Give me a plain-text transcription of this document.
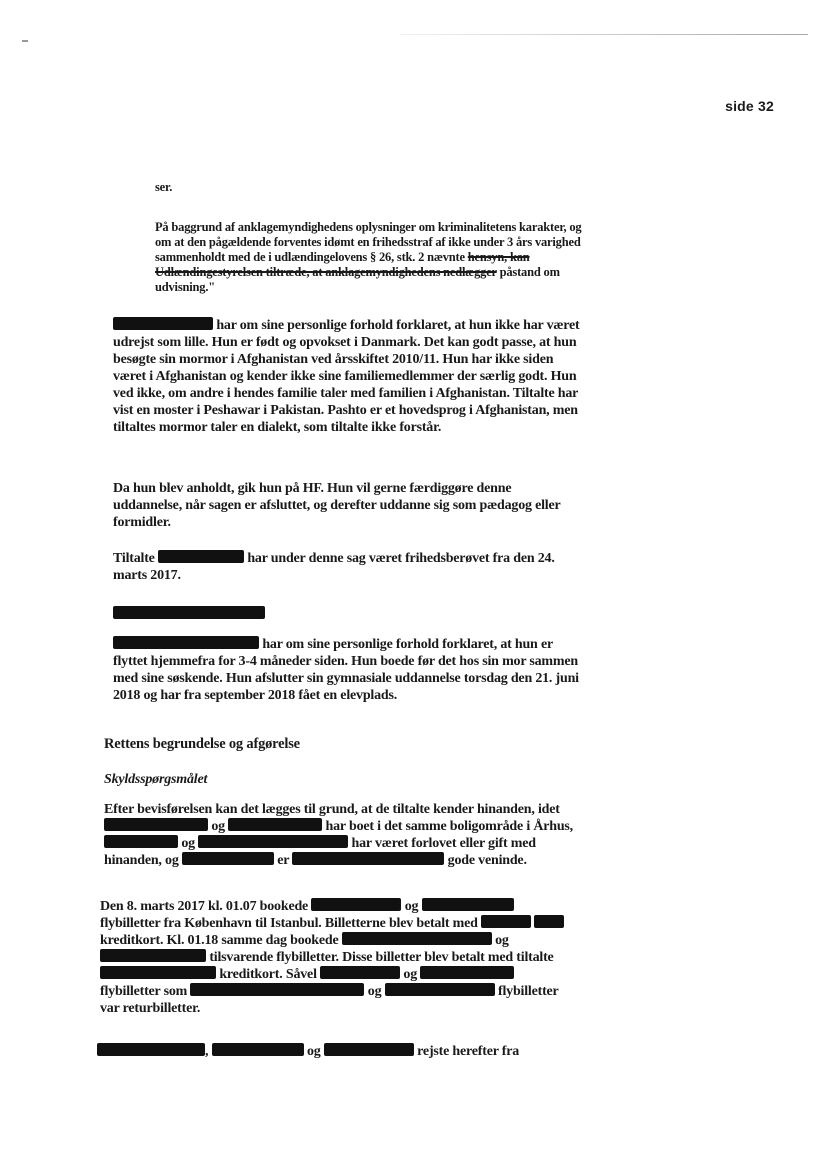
side 32

ser.

På baggrund af anklagemyndighedens oplysninger om kriminalitetens karakter, og om at den pågældende forventes idømt en frihedsstraf af ikke under 3 års varighed sammenholdt med de i udlændingelovens § 26, stk. 2 nævnte hensyn, kan Udlændingestyrelsen tiltræde, at anklagemyndighedens nedlægger påstand om udvisning."

har om sine personlige forhold forklaret, at hun ikke har været udrejst som lille. Hun er født og opvokset i Danmark. Det kan godt passe, at hun besøgte sin mormor i Afghanistan ved årsskiftet 2010/11. Hun har ikke siden været i Afghanistan og kender ikke sine familiemedlemmer der særlig godt. Hun ved ikke, om andre i hendes familie taler med familien i Afghanistan. Tiltalte har vist en moster i Peshawar i Pakistan. Pashto er et hovedsprog i Afghanistan, men tiltaltes mormor taler en dialekt, som tiltalte ikke forstår.

Da hun blev anholdt, gik hun på HF. Hun vil gerne færdiggøre denne uddannelse, når sagen er afsluttet, og derefter uddanne sig som pædagog eller formidler.

Tiltalte	har under denne sag været frihedsberøvet fra den 24. marts 2017.

har om sine personlige forhold forklaret, at hun er flyttet hjemmefra for 3-4 måneder siden. Hun boede før det hos sin mor sammen med sine søskende. Hun afslutter sin gymnasiale uddannelse torsdag den 21. juni 2018 og har fra september 2018 fået en elevplads.

Rettens begrundelse og afgørelse
Skyldsspørgsmålet

Efter bevisførelsen kan det lægges til grund, at de tiltalte kender hinanden, idet  og	har boet i det samme boligområde i Århus,  og	har været forlovet eller gift med hinanden, og	er	gode veninde.

Den 8. marts 2017 kl. 01.07 bookede	og  flybilletter fra København til Istanbul. Billetterne blev betalt med   kreditkort. Kl. 01.18 samme dag bookede	og  tilsvarende flybilletter. Disse billetter blev betalt med tiltalte  kreditkort. Såvel	og  flybilletter som	og	flybilletter var returbilletter.

,	og	rejste herefter fra
